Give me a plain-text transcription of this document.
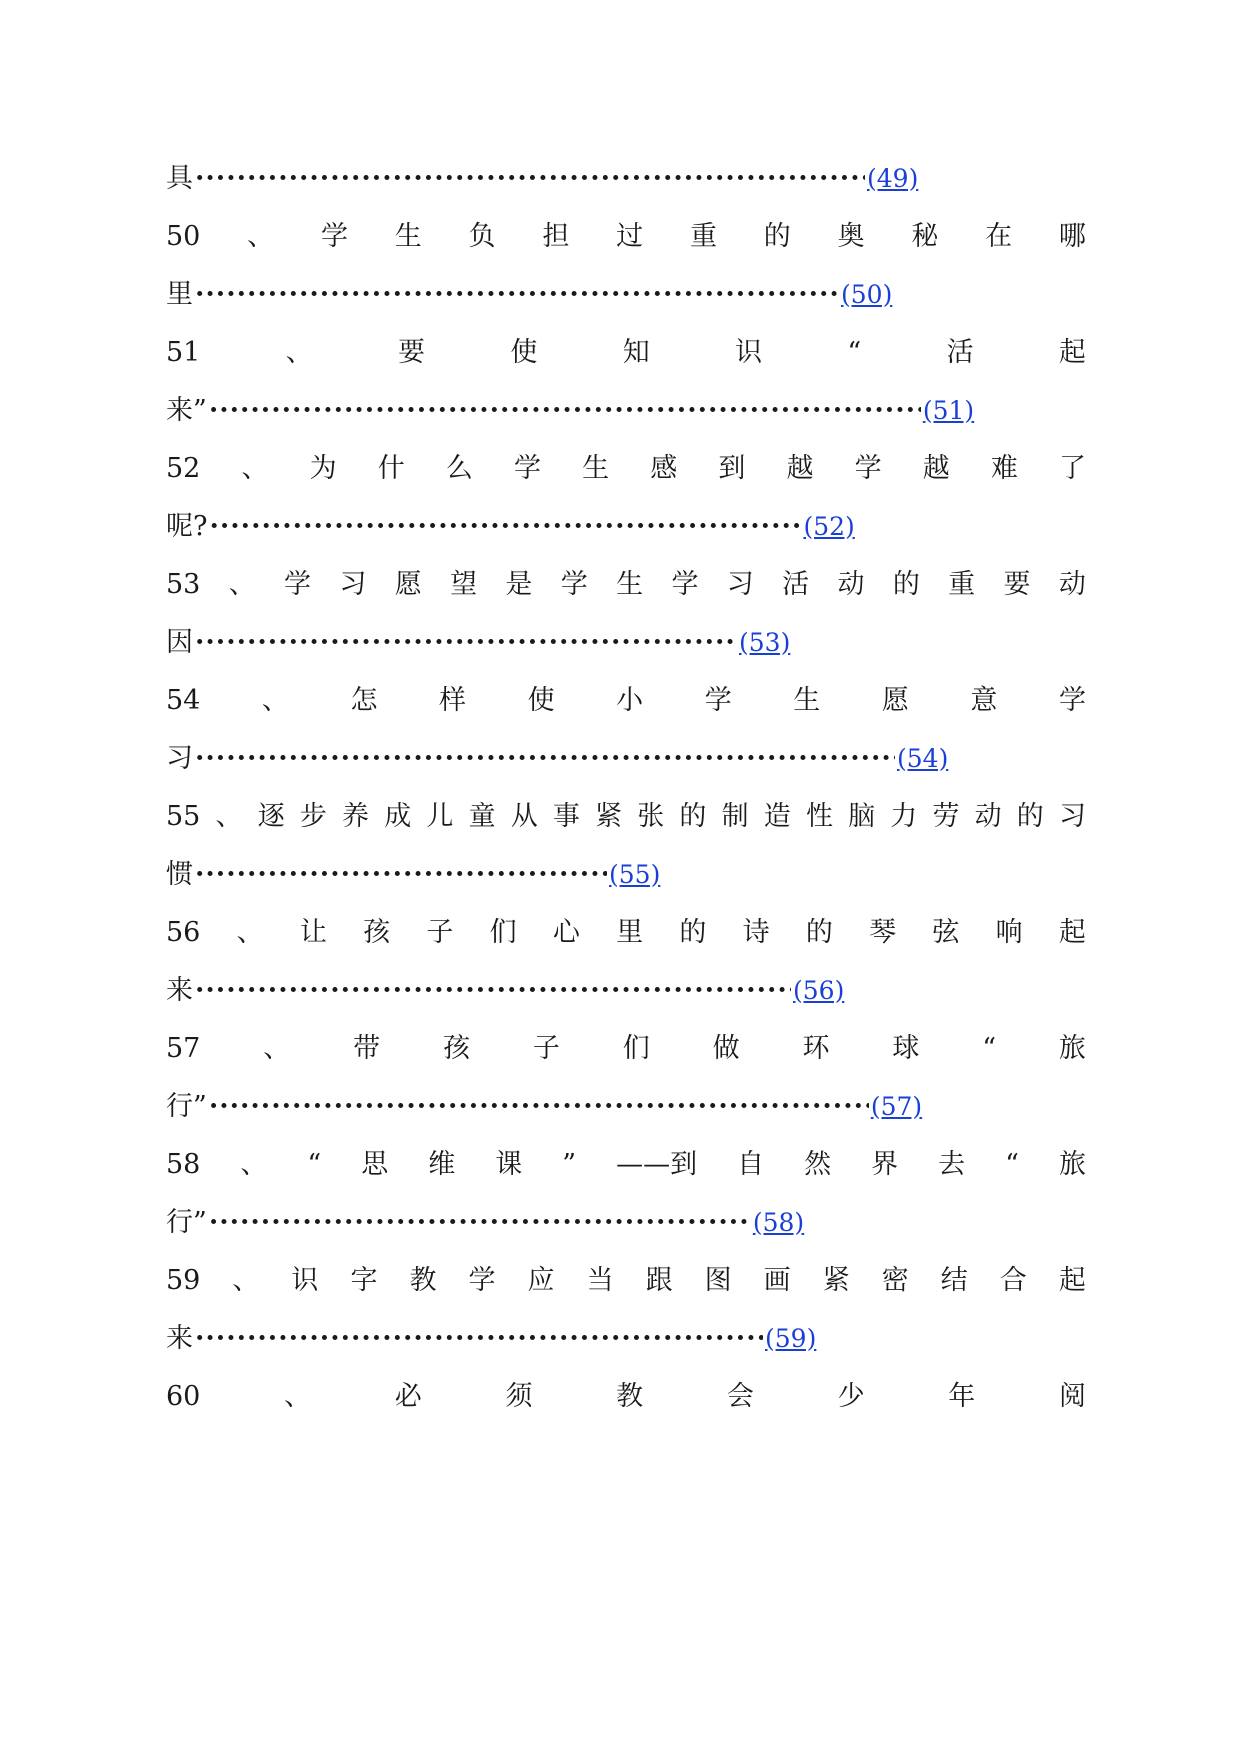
具 ·····	(49)
50 、 学 生 负 担 过 重 的 奥 秘 在 哪
里 ·····	(50)
51	、	要	使	知	识	“	活	起
来” ·····	(51)
52 、 为 什 么 学 生 感 到 越 学 越 难 了
呢? ·····	(52)
53 、 学 习 愿 望 是 学 生 学 习 活 动 的 重 要 动
因 ·····	(53)
54 、 怎 样 使 小 学 生 愿 意 学
习 ·····	(54)
55 、 逐 步 养 成 儿 童 从 事 紧 张 的 制 造 性 脑 力 劳 动 的 习
惯 ·····	(55)
56 、 让 孩 子 们 心 里 的 诗 的 琴 弦 响 起
来 ·····	(56)
57 、 带 孩 子 们 做 环 球 “ 旅
行” ·····	(57)
58 、 “ 思 维 课 ” ——到 自 然 界 去 “ 旅
行” ·····	(58)
59 、 识 字 教 学 应 当 跟 图 画 紧 密 结 合 起
来 ·····	(59)
60	、	必	须	教	会	少	年	阅
